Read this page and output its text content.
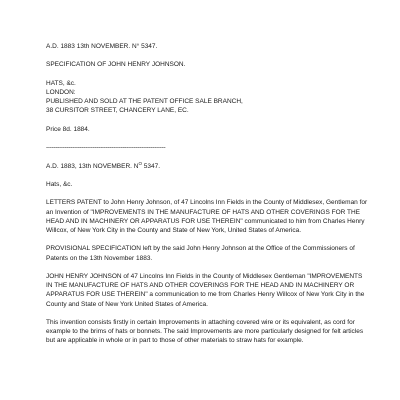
A.D. 1883 13th NOVEMBER. N° 5347.

SPECIFICATION OF JOHN HENRY JOHNSON.

HATS, &c.

LONDON:

PUBLISHED AND SOLD AT THE PATENT OFFICE SALE BRANCH,

38 CURSITOR STREET, CHANCERY LANE, EC.

Price 8d. 1884.

----------------------------------------------------------------

A.D. 1883, 13th NOVEMBER. $N^O$ 5347.

Hats, &c.

LETTERS PATENT to John Henry Johnson, of 47 Lincolns Inn Fields in the County of Middlesex, Gentleman for an Invention of "IMPROVEMENTS IN THE MANUFACTURE OF HATS AND OTHER COVERINGS FOR THE HEAD AND IN MACHINERY OR APPARATUS FOR USE THEREIN" communicated to him from Charles Henry Willcox, of New York City in the County and State of New York, United States of America.

PROVISIONAL SPECIFICATION left by the said John Henry Johnson at the Office of the Commissioners of Patents on the 13th November 1883.

JOHN HENRY JOHNSON of 47 Lincolns Inn Fields in the County of Middlesex Gentleman "IMPROVEMENTS IN THE MANUFACTURE OF HATS AND OTHER COVERINGS FOR THE HEAD AND IN MACHINERY OR APPARATUS FOR USE THEREIN" a communication to me from Charles Henry Willcox of New York City in the County and State of New York United States of America.

This invention consists firstly in certain Improvements in attaching covered wire or its equivalent, as cord for example to the brims of hats or bonnets. The said Improvements are more particularly designed for felt articles but are applicable in whole or in part to those of other materials to straw hats for example.
